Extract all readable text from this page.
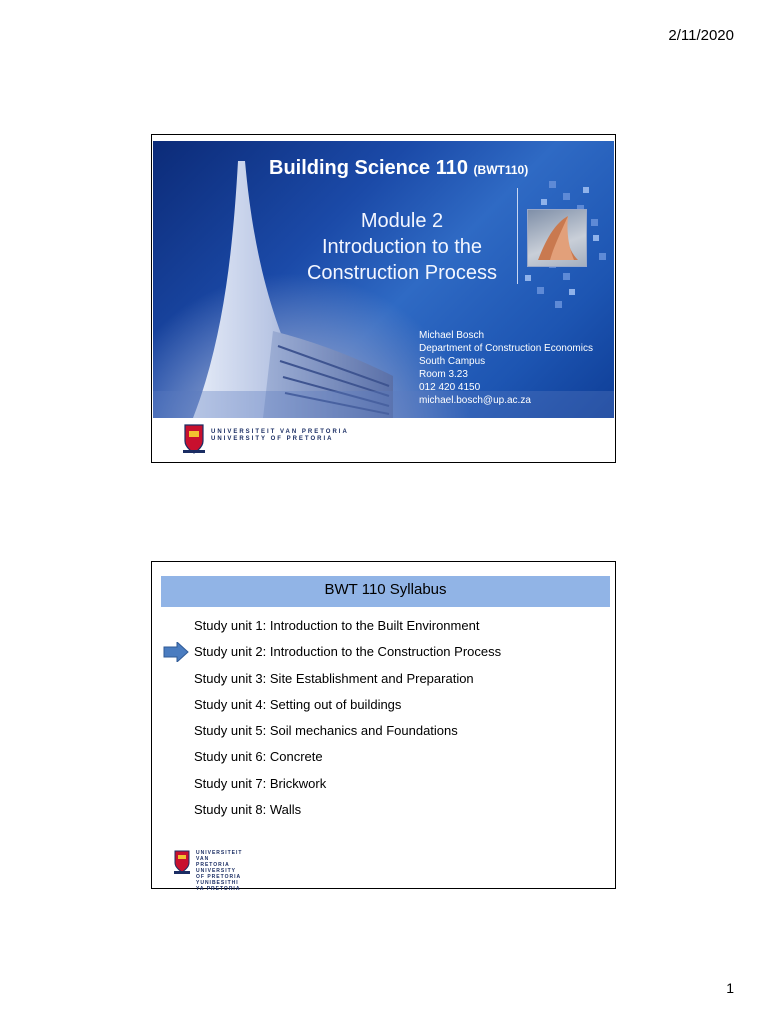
2/11/2020
Building Science 110 (BWT110)
Module 2
Introduction to the
Construction Process
Michael Bosch
Department of Construction Economics
South Campus
Room 3.23
012 420 4150
michael.bosch@up.ac.za
UNIVERSITEIT VAN PRETORIA
UNIVERSITY OF PRETORIA
BWT 110 Syllabus
Study unit 1: Introduction to the Built Environment
Study unit 2: Introduction to the Construction Process
Study unit 3: Site Establishment and Preparation
Study unit 4: Setting out of buildings
Study unit 5: Soil mechanics and Foundations
Study unit 6: Concrete
Study unit 7: Brickwork
Study unit 8: Walls
UNIVERSITEIT VAN PRETORIA
UNIVERSITY OF PRETORIA
YUNIBESITHI YA PRETORIA
1
